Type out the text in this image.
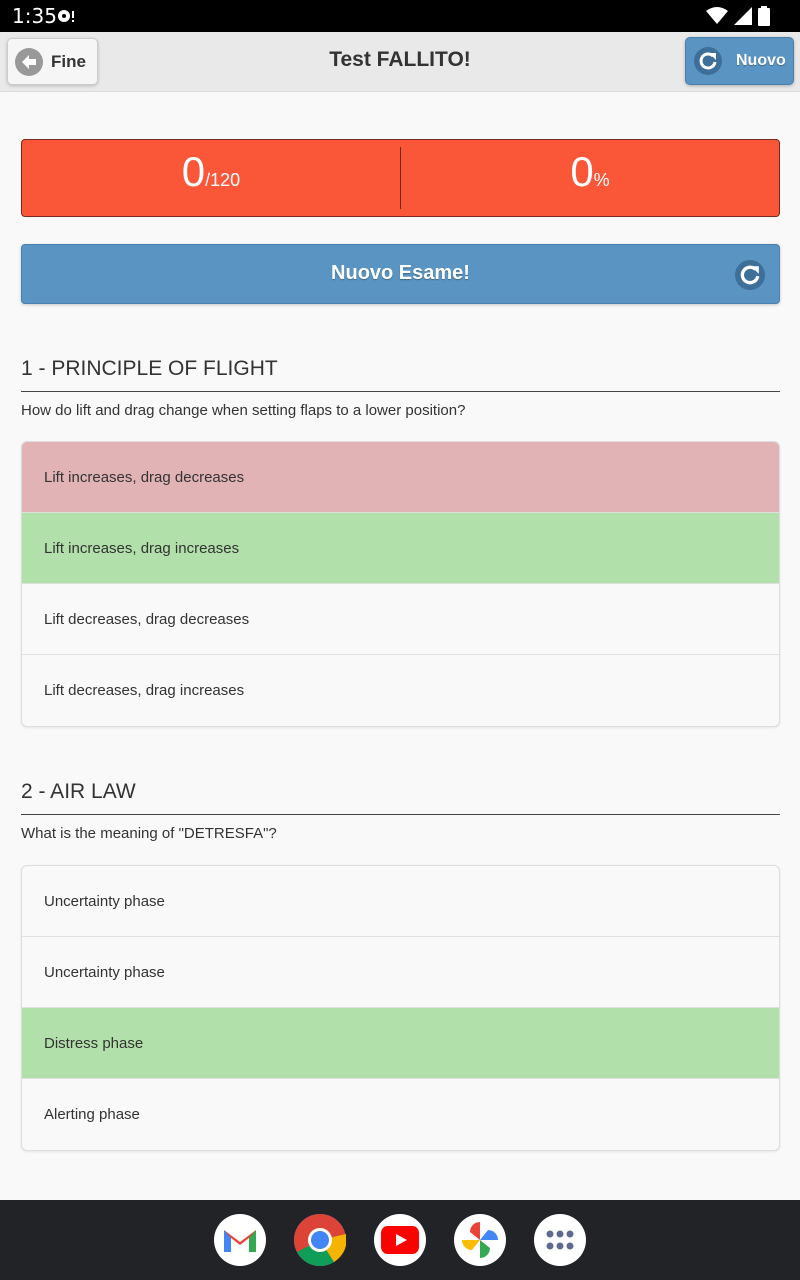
1:35
Fine	Test FALLITO!	Nuovo
0 /120	0 %
Nuovo Esame!
1 - PRINCIPLE OF FLIGHT
How do lift and drag change when setting flaps to a lower position?
Lift increases, drag decreases
Lift increases, drag increases
Lift decreases, drag decreases
Lift decreases, drag increases
2 - AIR LAW
What is the meaning of "DETRESFA"?
Uncertainty phase
Uncertainty phase
Distress phase
Alerting phase
